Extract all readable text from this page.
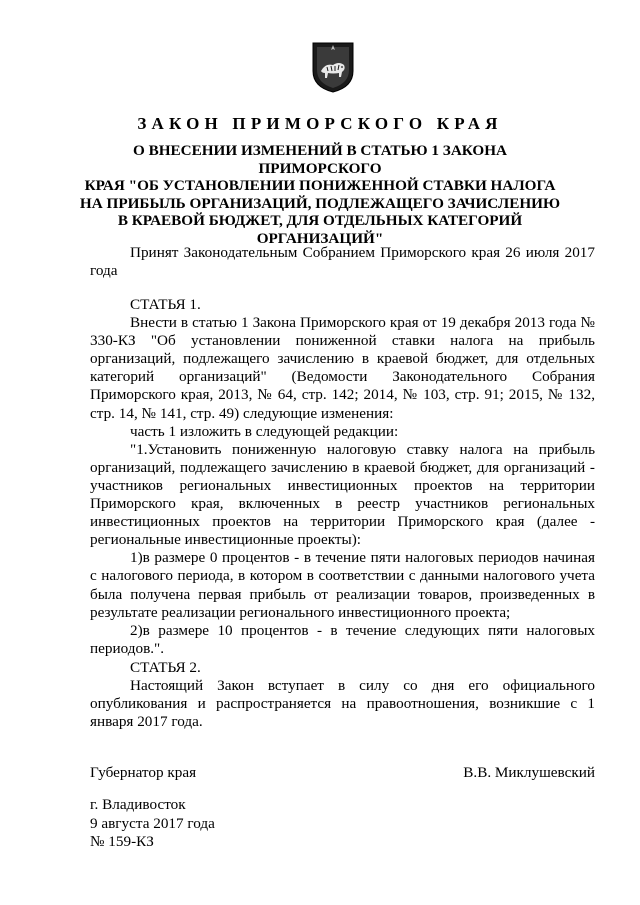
ЗАКОН ПРИМОРСКОГО КРАЯ
О ВНЕСЕНИИ ИЗМЕНЕНИЙ В СТАТЬЮ 1 ЗАКОНА ПРИМОРСКОГО
КРАЯ "ОБ УСТАНОВЛЕНИИ ПОНИЖЕННОЙ СТАВКИ НАЛОГА
НА ПРИБЫЛЬ ОРГАНИЗАЦИЙ, ПОДЛЕЖАЩЕГО ЗАЧИСЛЕНИЮ
В КРАЕВОЙ БЮДЖЕТ, ДЛЯ ОТДЕЛЬНЫХ КАТЕГОРИЙ
ОРГАНИЗАЦИЙ"

Принят Законодательным Собранием Приморского края 26 июля 2017 года

СТАТЬЯ 1.

Внести в статью 1 Закона Приморского края от 19 декабря 2013 года № 330-КЗ "Об установлении пониженной ставки налога на прибыль организаций, подлежащего зачислению в краевой бюджет, для отдельных категорий организаций" (Ведомости Законодательного Собрания Приморского края, 2013, № 64, стр. 142; 2014, № 103, стр. 91; 2015, № 132, стр. 14, № 141, стр. 49) следующие изменения:

часть 1 изложить в следующей редакции:

"1.Установить пониженную налоговую ставку налога на прибыль организаций, подлежащего зачислению в краевой бюджет, для организаций - участников региональных инвестиционных проектов на территории Приморского края, включенных в реестр участников региональных инвестиционных проектов на территории Приморского края (далее - региональные инвестиционные проекты):

1)в размере 0 процентов - в течение пяти налоговых периодов начиная с налогового периода, в котором в соответствии с данными налогового учета была получена первая прибыль от реализации товаров, произведенных в результате реализации регионального инвестиционного проекта;

2)в размере 10 процентов - в течение следующих пяти налоговых периодов.".

СТАТЬЯ 2.

Настоящий Закон вступает в силу со дня его официального опубликования и распространяется на правоотношения, возникшие с 1 января 2017 года.

Губернатор края	В.В. Миклушевский
г. Владивосток
9 августа 2017 года
№ 159-КЗ
